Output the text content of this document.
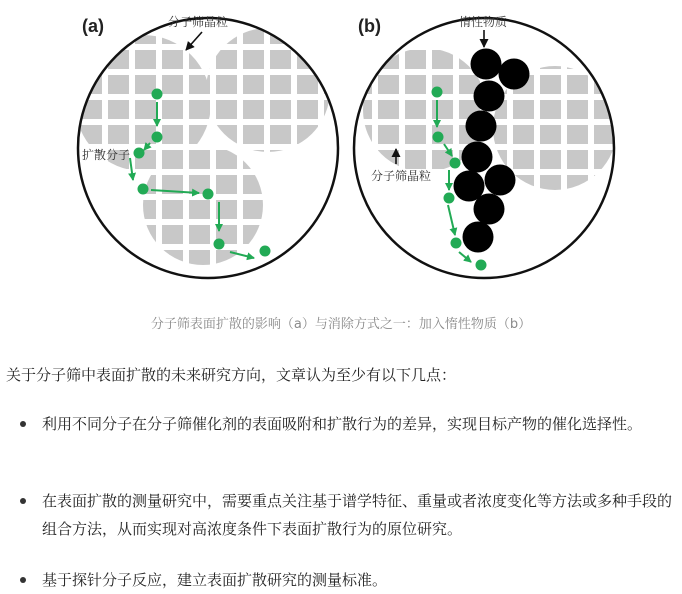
(a)	分子筛晶粒
扩散分子
(b)	惰性物质
分子筛晶粒
分子筛表面扩散的影响（a）与消除方式之一：加入惰性物质（b）
关于分子筛中表面扩散的未来研究方向，文章认为至少有以下几点：
利用不同分子在分子筛催化剂的表面吸附和扩散行为的差异，实现目标产物的催化选择性。
在表面扩散的测量研究中，需要重点关注基于谱学特征、重量或者浓度变化等方法或多种手段的组合方法，从而实现对高浓度条件下表面扩散行为的原位研究。
基于探针分子反应，建立表面扩散研究的测量标准。
